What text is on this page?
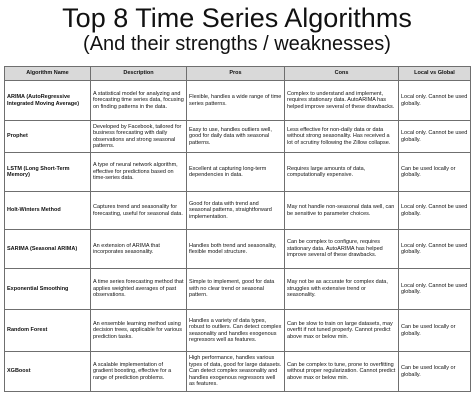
Top 8 Time Series Algorithms
(And their strengths / weaknesses)
Algorithm Name	Description	Pros	Cons	Local vs Global
ARIMA (AutoRegressive Integrated Moving Average)	A statistical model for analyzing and forecasting time series data, focusing on finding patterns in the data.	Flexible, handles a wide range of time series patterns.	Complex to understand and implement, requires stationary data. AutoARIMA has helped improve several of these drawbacks.	Local only. Cannot be used globally.
Prophet	Developed by Facebook, tailored for business forecasting with daily observations and strong seasonal patterns.	Easy to use, handles outliers well, good for daily data with seasonal patterns.	Less effective for non-daily data or data without strong seasonality. Has received a lot of scrutiny following the Zillow collapse.	Local only. Cannot be used globally.
LSTM (Long Short-Term Memory)	A type of neural network algorithm, effective for predictions based on time-series data.	Excellent at capturing long-term dependencies in data.	Requires large amounts of data, computationally expensive.	Can be used locally or globally.
Holt-Winters Method	Captures trend and seasonality for forecasting, useful for seasonal data.	Good for data with trend and seasonal patterns, straightforward implementation.	May not handle non-seasonal data well, can be sensitive to parameter choices.	Local only. Cannot be used globally.
SARIMA (Seasonal ARIMA)	An extension of ARIMA that incorporates seasonality.	Handles both trend and seasonality, flexible model structure.	Can be complex to configure, requires stationary data. AutoARIMA has helped improve several of these drawbacks.	Local only. Cannot be used globally.
Exponential Smoothing	A time series forecasting method that applies weighted averages of past observations.	Simple to implement, good for data with no clear trend or seasonal pattern.	May not be as accurate for complex data, struggles with extensive trend or seasonality.	Local only. Cannot be used globally.
Random Forest	An ensemble learning method using decision trees, applicable for various prediction tasks.	Handles a variety of data types, robust to outliers. Can detect complex seasonality and handles exogenous regressors well as features.	Can be slow to train on large datasets, may overfit if not tuned properly. Cannot predict above max or below min.	Can be used locally or globally.
XGBoost	A scalable implementation of gradient boosting, effective for a range of prediction problems.	High performance, handles various types of data, good for large datasets. Can detect complex seasonality and handles exogenous regressors well as features.	Can be complex to tune, prone to overfitting without proper regularization. Cannot predict above max or below min.	Can be used locally or globally.
